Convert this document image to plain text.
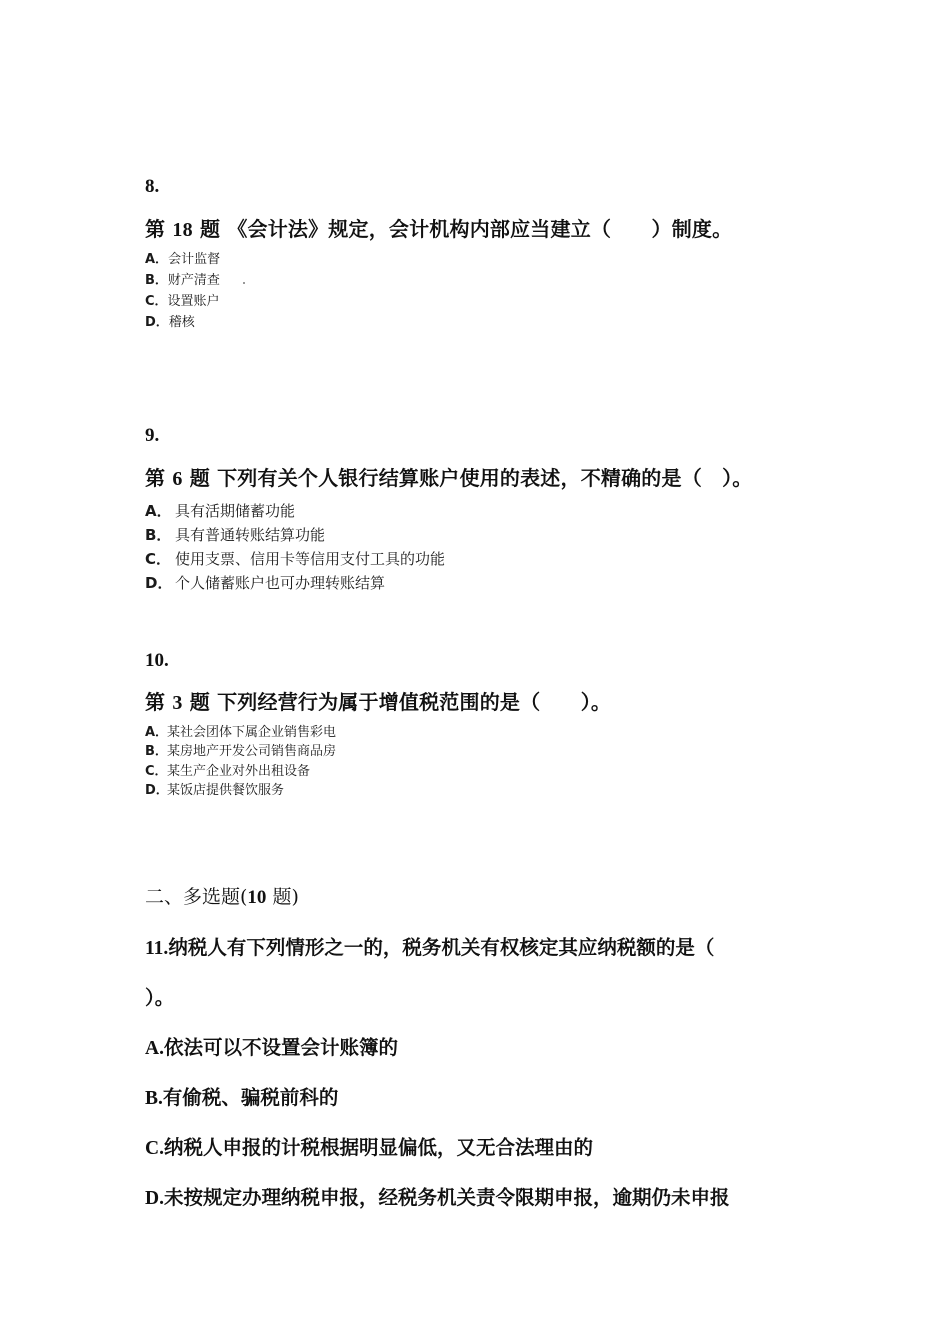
8.
第 18 题 《会计法》规定，会计机构内部应当建立（　　）制度。
A．会计监督
B．财产清查
C．设置账户
D．稽核
9.
第 6 题 下列有关个人银行结算账户使用的表述，不精确的是（　）。
A． 具有活期储蓄功能
B． 具有普通转账结算功能
C． 使用支票、信用卡等信用支付工具的功能
D． 个人储蓄账户也可办理转账结算
10.
第 3 题 下列经营行为属于增值税范围的是（　　）。
A．某社会团体下属企业销售彩电
B．某房地产开发公司销售商品房
C．某生产企业对外出租设备
D．某饭店提供餐饮服务
二、多选题(10 题)
11.纳税人有下列情形之一的，税务机关有权核定其应纳税额的是（
）。
A.依法可以不设置会计账簿的
B.有偷税、骗税前科的
C.纳税人申报的计税根据明显偏低，又无合法理由的
D.未按规定办理纳税申报，经税务机关责令限期申报，逾期仍未申报
